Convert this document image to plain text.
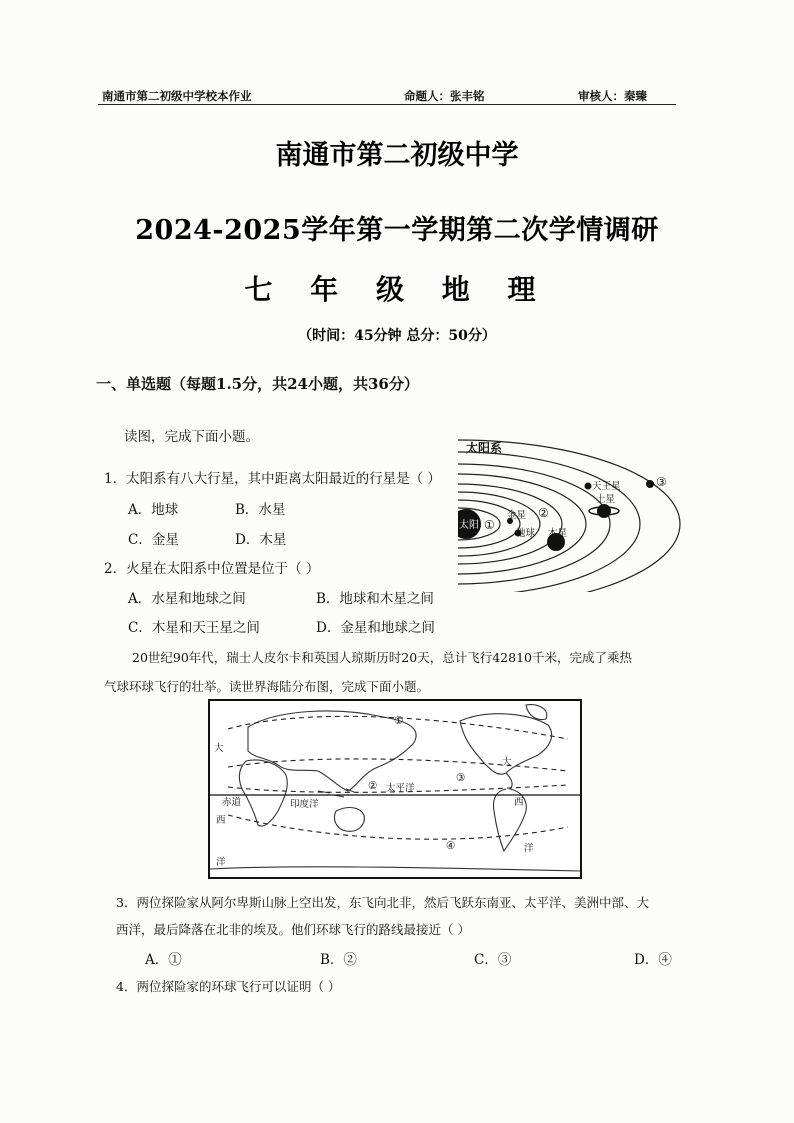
南通市第二初级中学校本作业	命题人：张丰铭	审核人：秦臻
南通市第二初级中学
2024-2025学年第一学期第二次学情调研
七 年 级 地 理
（时间：45分钟 总分：50分）
一、单选题（每题1.5分，共24小题，共36分）
读图，完成下面小题。
1．太阳系有八大行星，其中距离太阳最近的行星是（ ）
A．地球	B．水星
C．金星	D．木星
2．火星在太阳系中位置是位于（ ）
A．水星和地球之间	B．地球和木星之间
C．木星和天王星之间	D．金星和地球之间
太阳系
太阳 ①
金星 ②
地球 木星
天王星
土星
③
20世纪90年代，瑞士人皮尔卡和英国人琼斯历时20天，总计飞行42810千米，完成了乘热
气球环球飞行的壮举。读世界海陆分布图，完成下面小题。
①
②
③
④
大
西
洋
赤道	印度洋
太平洋
大
西
洋
3．两位探险家从阿尔卑斯山脉上空出发，东飞向北非，然后飞跃东南亚、太平洋、美洲中部、大
西洋，最后降落在北非的埃及。他们环球飞行的路线最接近（ ）
A．①	B．②	C．③	D．④
4．两位探险家的环球飞行可以证明（ ）
